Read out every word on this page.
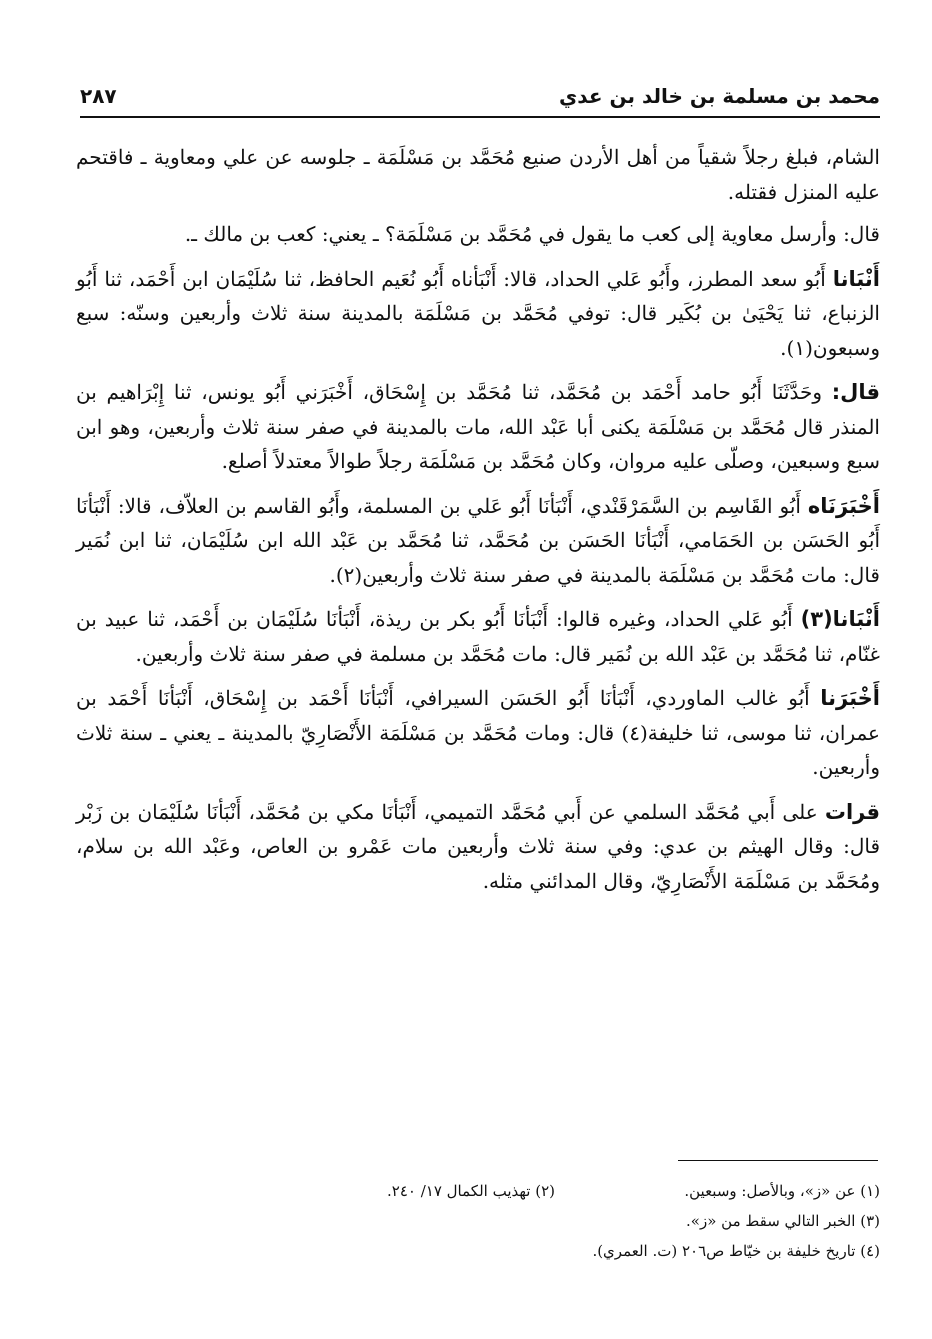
محمد بن مسلمة بن خالد بن عدي
٢٨٧

الشام، فبلغ رجلاً شقياً من أهل الأردن صنيع مُحَمَّد بن مَسْلَمَة ـ جلوسه عن علي ومعاوية ـ فاقتحم عليه المنزل فقتله.

قال: وأرسل معاوية إلى كعب ما يقول في مُحَمَّد بن مَسْلَمَة؟ ـ يعني: كعب بن مالك ـ.

أَنْبَانا أَبُو سعد المطرز، وأَبُو عَلي الحداد، قالا: أَنْبَأناه أَبُو نُعَيم الحافظ، ثنا سُلَيْمَان ابن أَحْمَد، ثنا أَبُو الزنباع، ثنا يَحْيَىٰ بن بُكَير قال: توفي مُحَمَّد بن مَسْلَمَة بالمدينة سنة ثلاث وأربعين وسنّه: سبع وسبعون(١).

قال: وحَدَّثَنَا أَبُو حامد أَحْمَد بن مُحَمَّد، ثنا مُحَمَّد بن إِسْحَاق، أَخْبَرَني أَبُو يونس، ثنا إِبْرَاهيم بن المنذر قال مُحَمَّد بن مَسْلَمَة يكنى أبا عَبْد الله، مات بالمدينة في صفر سنة ثلاث وأربعين، وهو ابن سبع وسبعين، وصلّى عليه مروان، وكان مُحَمَّد بن مَسْلَمَة رجلاً طوالاً معتدلاً أصلع.

أَخْبَرَنَاه أَبُو القَاسِم بن السَّمَرْقَنْدي، أَنْبَأنَا أَبُو عَلي بن المسلمة، وأَبُو القاسم بن العلاّف، قالا: أَنْبَأنَا أَبُو الحَسَن بن الحَمَامي، أَنْبَأنَا الحَسَن بن مُحَمَّد، ثنا مُحَمَّد بن عَبْد الله ابن سُلَيْمَان، ثنا ابن نُمَير قال: مات مُحَمَّد بن مَسْلَمَة بالمدينة في صفر سنة ثلاث وأربعين(٢).

أَنْبَانا(٣) أَبُو عَلي الحداد، وغيره قالوا: أَنْبَأنَا أَبُو بكر بن ريذة، أَنْبَأنَا سُلَيْمَان بن أَحْمَد، ثنا عبيد بن غنّام، ثنا مُحَمَّد بن عَبْد الله بن نُمَير قال: مات مُحَمَّد بن مسلمة في صفر سنة ثلاث وأربعين.

أَخْبَرَنا أَبُو غالب الماوردي، أَنْبَأنَا أَبُو الحَسَن السيرافي، أَنْبَأنَا أَحْمَد بن إِسْحَاق، أَنْبَأنَا أَحْمَد بن عمران، ثنا موسى، ثنا خليفة(٤) قال: ومات مُحَمَّد بن مَسْلَمَة الأَنْصَارِيّ بالمدينة ـ يعني ـ سنة ثلاث وأربعين.

قرات على أَبي مُحَمَّد السلمي عن أَبي مُحَمَّد التميمي، أَنْبَأنَا مكي بن مُحَمَّد، أَنْبَأنَا سُلَيْمَان بن زَبْر قال: وقال الهيثم بن عدي: وفي سنة ثلاث وأربعين مات عَمْرو بن العاص، وعَبْد الله بن سلام، ومُحَمَّد بن مَسْلَمَة الأَنْصَارِيّ، وقال المدائني مثله.

(١) عن «ز»، وبالأصل: وسبعين.
(٢) تهذيب الكمال ١٧/ ٢٤٠.
(٣) الخبر التالي سقط من «ز».
(٤) تاريخ خليفة بن خيّاط ص٢٠٦ (ت. العمري).
